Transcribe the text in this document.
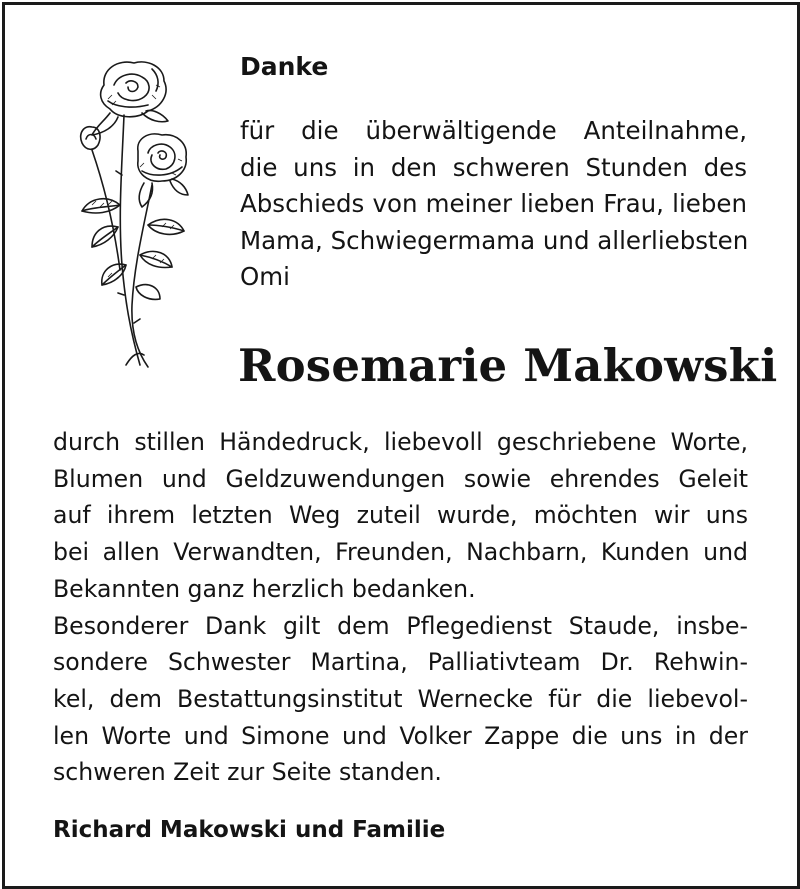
Danke

für die überwältigende Anteilnahme,
die uns in den schweren Stunden des
Abschieds von meiner lieben Frau, lieben
Mama, Schwiegermama und allerliebsten
Omi

Rosemarie Makowski

durch stillen Händedruck, liebevoll geschriebene Worte,
Blumen und Geldzuwendungen sowie ehrendes Geleit
auf ihrem letzten Weg zuteil wurde, möchten wir uns
bei allen Verwandten, Freunden, Nachbarn, Kunden und
Bekannten ganz herzlich bedanken.
Besonderer Dank gilt dem Pflegedienst Staude, insbe-
sondere Schwester Martina, Palliativteam Dr. Rehwin-
kel, dem Bestattungsinstitut Wernecke für die liebevol-
len Worte und Simone und Volker Zappe die uns in der
schweren Zeit zur Seite standen.

Richard Makowski und Familie
